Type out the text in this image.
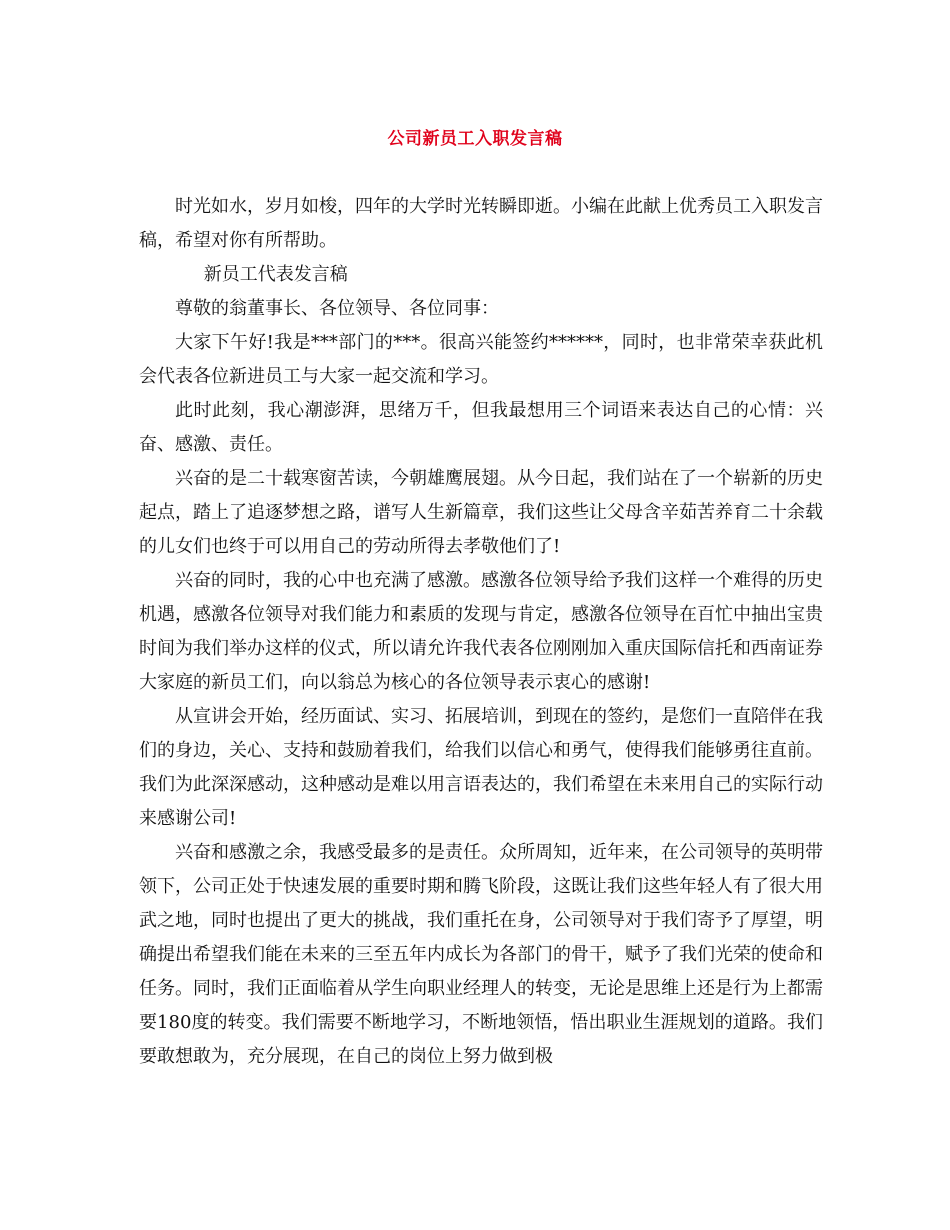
公司新员工入职发言稿

时光如水，岁月如梭，四年的大学时光转瞬即逝。小编在此献上优秀员工入职发言稿，希望对你有所帮助。

新员工代表发言稿

尊敬的翁董事长、各位领导、各位同事：

大家下午好!我是***部门的***。很高兴能签约******，同时，也非常荣幸获此机会代表各位新进员工与大家一起交流和学习。

此时此刻，我心潮澎湃，思绪万千，但我最想用三个词语来表达自己的心情：兴奋、感激、责任。

兴奋的是二十载寒窗苦读，今朝雄鹰展翅。从今日起，我们站在了一个崭新的历史起点，踏上了追逐梦想之路，谱写人生新篇章，我们这些让父母含辛茹苦养育二十余载的儿女们也终于可以用自己的劳动所得去孝敬他们了!

兴奋的同时，我的心中也充满了感激。感激各位领导给予我们这样一个难得的历史机遇，感激各位领导对我们能力和素质的发现与肯定，感激各位领导在百忙中抽出宝贵时间为我们举办这样的仪式，所以请允许我代表各位刚刚加入重庆国际信托和西南证券大家庭的新员工们，向以翁总为核心的各位领导表示衷心的感谢!

从宣讲会开始，经历面试、实习、拓展培训，到现在的签约，是您们一直陪伴在我们的身边，关心、支持和鼓励着我们，给我们以信心和勇气，使得我们能够勇往直前。我们为此深深感动，这种感动是难以用言语表达的，我们希望在未来用自己的实际行动来感谢公司!

兴奋和感激之余，我感受最多的是责任。众所周知，近年来，在公司领导的英明带领下，公司正处于快速发展的重要时期和腾飞阶段，这既让我们这些年轻人有了很大用武之地，同时也提出了更大的挑战，我们重托在身，公司领导对于我们寄予了厚望，明确提出希望我们能在未来的三至五年内成长为各部门的骨干，赋予了我们光荣的使命和任务。同时，我们正面临着从学生向职业经理人的转变，无论是思维上还是行为上都需要180度的转变。我们需要不断地学习，不断地领悟，悟出职业生涯规划的道路。我们要敢想敢为，充分展现，在自己的岗位上努力做到极
